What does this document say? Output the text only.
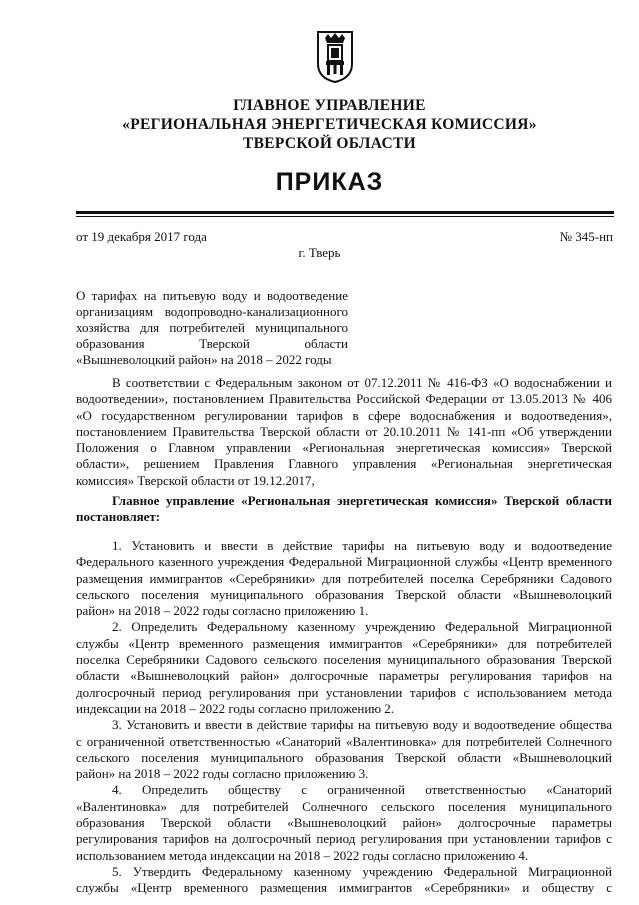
ГЛАВНОЕ УПРАВЛЕНИЕ
«РЕГИОНАЛЬНАЯ ЭНЕРГЕТИЧЕСКАЯ КОМИССИЯ»
ТВЕРСКОЙ ОБЛАСТИ
ПРИКАЗ
от 19 декабря 2017 года	№ 345-нп
г. Тверь
О тарифах на питьевую воду и водоотведение
организациям водопроводно-канализационного
хозяйства для потребителей муниципального
образования Тверской области
«Вышневолоцкий район» на 2018 – 2022 годы
В соответствии с Федеральным законом от 07.12.2011 № 416-ФЗ «О водоснабжении и
водоотведении», постановлением Правительства Российской Федерации от 13.05.2013 № 406
«О государственном регулировании тарифов в сфере водоснабжения и водоотведения»,
постановлением Правительства Тверской области от 20.10.2011 № 141-пп «Об утверждении
Положения о Главном управлении «Региональная энергетическая комиссия» Тверской
области», решением Правления Главного управления «Региональная энергетическая
комиссия» Тверской области от 19.12.2017,
Главное управление «Региональная энергетическая комиссия» Тверской области
постановляет:
1. Установить и ввести в действие тарифы на питьевую воду и водоотведение
Федерального казенного учреждения Федеральной Миграционной службы «Центр временного
размещения иммигрантов «Серебряники» для потребителей поселка Серебряники Садового
сельского поселения муниципального образования Тверской области «Вышневолоцкий
район» на 2018 – 2022 годы согласно приложению 1.
2. Определить Федеральному казенному учреждению Федеральной Миграционной
службы «Центр временного размещения иммигрантов «Серебряники» для потребителей
поселка Серебряники Садового сельского поселения муниципального образования Тверской
области «Вышневолоцкий район» долгосрочные параметры регулирования тарифов на
долгосрочный период регулирования при установлении тарифов с использованием метода
индексации на 2018 – 2022 годы согласно приложению 2.
3. Установить и ввести в действие тарифы на питьевую воду и водоотведение общества
с ограниченной ответственностью «Санаторий «Валентиновка» для потребителей Солнечного
сельского поселения муниципального образования Тверской области «Вышневолоцкий
район» на 2018 – 2022 годы согласно приложению 3.
4. Определить обществу с ограниченной ответственностью «Санаторий
«Валентиновка» для потребителей Солнечного сельского поселения муниципального
образования Тверской области «Вышневолоцкий район» долгосрочные параметры
регулирования тарифов на долгосрочный период регулирования при установлении тарифов с
использованием метода индексации на 2018 – 2022 годы согласно приложению 4.
5. Утвердить Федеральному казенному учреждению Федеральной Миграционной
службы «Центр временного размещения иммигрантов «Серебряники» и обществу с
